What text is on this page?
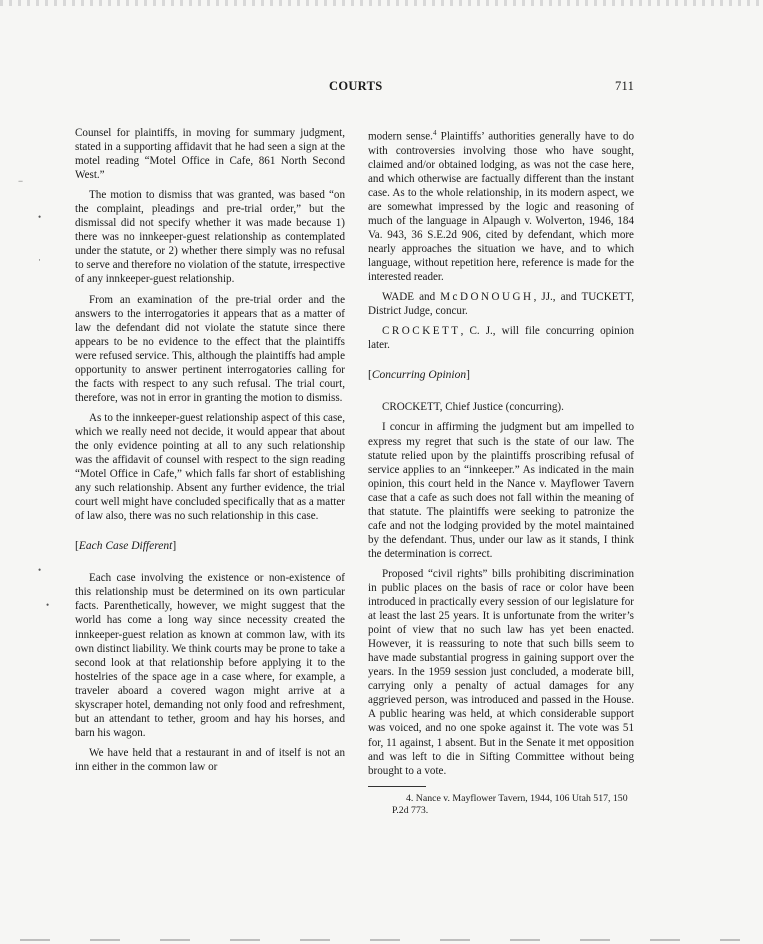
COURTS	711
−
•
·
•
•

Counsel for plaintiffs, in moving for summary judgment, stated in a supporting affidavit that he had seen a sign at the motel reading “Motel Office in Cafe, 861 North Second West.”

The motion to dismiss that was granted, was based “on the complaint, pleadings and pre-trial order,” but the dismissal did not specify whether it was made because 1) there was no innkeeper-guest relationship as contemplated under the statute, or 2) whether there simply was no refusal to serve and therefore no violation of the statute, irrespective of any innkeeper-guest relationship.

From an examination of the pre-trial order and the answers to the interrogatories it appears that as a matter of law the defendant did not violate the statute since there appears to be no evidence to the effect that the plaintiffs were refused service. This, although the plaintiffs had ample opportunity to answer pertinent interrogatories calling for the facts with respect to any such refusal. The trial court, therefore, was not in error in granting the motion to dismiss.

As to the innkeeper-guest relationship aspect of this case, which we really need not decide, it would appear that about the only evidence pointing at all to any such relationship was the affidavit of counsel with respect to the sign reading “Motel Office in Cafe,” which falls far short of establishing any such relationship. Absent any further evidence, the trial court well might have concluded specifically that as a matter of law also, there was no such relationship in this case.

[Each Case Different]

Each case involving the existence or non-existence of this relationship must be determined on its own particular facts. Parenthetically, however, we might suggest that the world has come a long way since necessity created the innkeeper-guest relation as known at common law, with its own distinct liability. We think courts may be prone to take a second look at that relationship before applying it to the hostelries of the space age in a case where, for example, a traveler aboard a covered wagon might arrive at a skyscraper hotel, demanding not only food and refreshment, but an attendant to tether, groom and hay his horses, and barn his wagon.

We have held that a restaurant in and of itself is not an inn either in the common law or

modern sense.$^4$ Plaintiffs’ authorities generally have to do with controversies involving those who have sought, claimed and/or obtained lodging, as was not the case here, and which otherwise are factually different than the instant case. As to the whole relationship, in its modern aspect, we are somewhat impressed by the logic and reasoning of much of the language in Alpaugh v. Wolverton, 1946, 184 Va. 943, 36 S.E.2d 906, cited by defendant, which more nearly approaches the situation we have, and to which language, without repetition here, reference is made for the interested reader.

WADE and McDONOUGH, JJ., and TUCKETT, District Judge, concur.

CROCKETT, C. J., will file concurring opinion later.

[Concurring Opinion]

CROCKETT, Chief Justice (concurring).

I concur in affirming the judgment but am impelled to express my regret that such is the state of our law. The statute relied upon by the plaintiffs proscribing refusal of service applies to an “innkeeper.” As indicated in the main opinion, this court held in the Nance v. Mayflower Tavern case that a cafe as such does not fall within the meaning of that statute. The plaintiffs were seeking to patronize the cafe and not the lodging provided by the motel maintained by the defendant. Thus, under our law as it stands, I think the determination is correct.

Proposed “civil rights” bills prohibiting discrimination in public places on the basis of race or color have been introduced in practically every session of our legislature for at least the last 25 years. It is unfortunate from the writer’s point of view that no such law has yet been enacted. However, it is reassuring to note that such bills seem to have made substantial progress in gaining support over the years. In the 1959 session just concluded, a moderate bill, carrying only a penalty of actual damages for any aggrieved person, was introduced and passed in the House. A public hearing was held, at which considerable support was voiced, and no one spoke against it. The vote was 51 for, 11 against, 1 absent. But in the Senate it met opposition and was left to die in Sifting Committee without being brought to a vote.

4. Nance v. Mayflower Tavern, 1944, 106 Utah 517, 150 P.2d 773.
